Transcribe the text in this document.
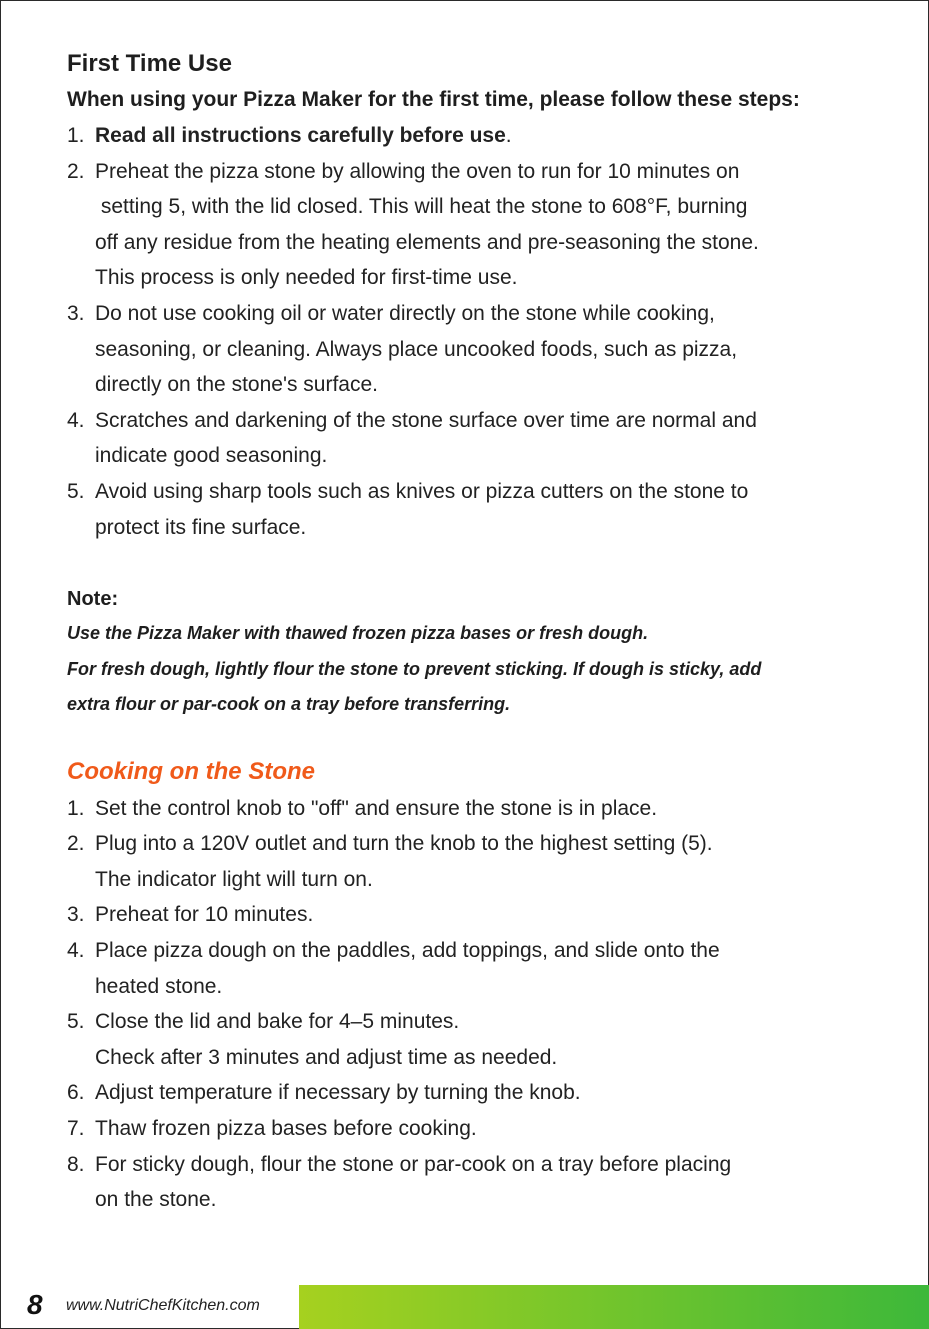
First Time Use
When using your Pizza Maker for the first time, please follow these steps:
1. Read all instructions carefully before use.
2. Preheat the pizza stone by allowing the oven to run for 10 minutes on
setting 5, with the lid closed. This will heat the stone to 608°F, burning
off any residue from the heating elements and pre-seasoning the stone.
This process is only needed for first-time use.
3. Do not use cooking oil or water directly on the stone while cooking,
seasoning, or cleaning. Always place uncooked foods, such as pizza,
directly on the stone's surface.
4. Scratches and darkening of the stone surface over time are normal and
indicate good seasoning.
5. Avoid using sharp tools such as knives or pizza cutters on the stone to
protect its fine surface.
Note:
Use the Pizza Maker with thawed frozen pizza bases or fresh dough.
For fresh dough, lightly flour the stone to prevent sticking. If dough is sticky, add
extra flour or par-cook on a tray before transferring.
Cooking on the Stone
1. Set the control knob to "off" and ensure the stone is in place.
2. Plug into a 120V outlet and turn the knob to the highest setting (5).
The indicator light will turn on.
3. Preheat for 10 minutes.
4. Place pizza dough on the paddles, add toppings, and slide onto the
heated stone.
5. Close the lid and bake for 4–5 minutes.
Check after 3 minutes and adjust time as needed.
6. Adjust temperature if necessary by turning the knob.
7. Thaw frozen pizza bases before cooking.
8. For sticky dough, flour the stone or par-cook on a tray before placing
on the stone.
8 www.NutriChefKitchen.com
